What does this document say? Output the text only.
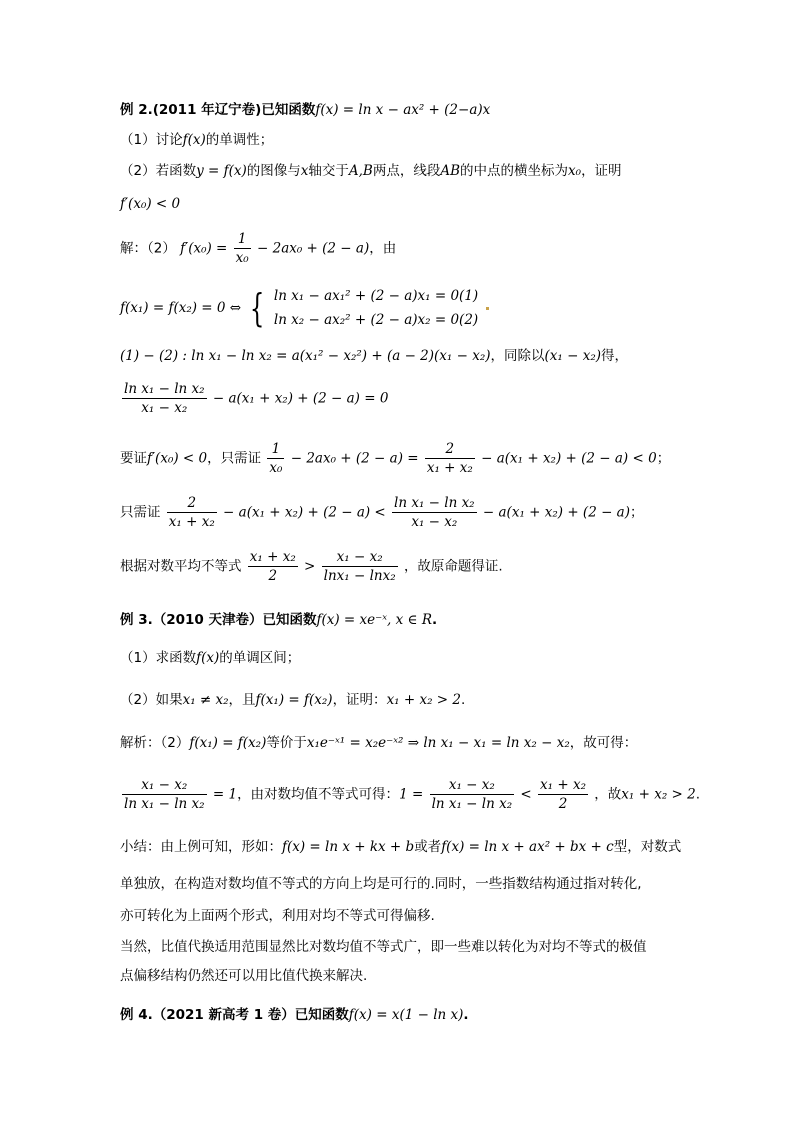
例 2.(2011 年辽宁卷)已知函数f(x) = ln x − ax² + (2−a)x
（1）讨论f(x)的单调性；
（2）若函数y = f(x)的图像与x轴交于A,B两点，线段AB的中点的横坐标为x₀，证明
f′(x₀) < 0
解：（2） $f'(x_0) = \frac{1}{\text{x₀}} - 2ax_0 + (2 - a)$，由
f(x₁) = f(x₂) = 0 ⇔ { ln x₁ − ax₁² + (2 − a)x₁ = 0(1)
ln x₂ − ax₂² + (2 − a)x₂ = 0(2)

(1) − (2) : ln x₁ − ln x₂ = a(x₁² − x₂²) + (a − 2)(x₁ − x₂)，同除以(x₁ − x₂)得，
$\frac{\text{ln x₁ − ln x₂}}{\text{x₁ − x₂}} - a(x_1 + x_2) + (2 - a) = 0$
要证f′(x₀) < 0，只需证 $\frac{1}{\text{x₀}} - 2ax_0 + (2 - a) = \frac{2}{\text{x₁ + x₂}} - a(x_1 + x_2) + (2 - a) < 0$；
只需证 $\frac{2}{\text{x₁ + x₂}} - a(x_1 + x_2) + (2 - a) < \frac{\text{ln x₁ − ln x₂}}{\text{x₁ − x₂}} - a(x_1 + x_2) + (2 - a)$；
根据对数平均不等式 $\frac{\text{x₁ + x₂}}{2} > \frac{\text{x₁ − x₂}}{\text{lnx₁ − lnx₂}}$ ，故原命题得证.
例 3.（2010 天津卷）已知函数f(x) = xe⁻ˣ, x ∈ R.
（1）求函数f(x)的单调区间；
（2）如果x₁ ≠ x₂，且f(x₁) = f(x₂)，证明：x₁ + x₂ > 2.
解析：（2）f(x₁) = f(x₂)等价于x₁e⁻ˣ¹ = x₂e⁻ˣ² ⇒ ln x₁ − x₁ = ln x₂ − x₂，故可得：
$\frac{\text{x₁ − x₂}}{\text{ln x₁ − ln x₂}} = 1$，由对数均值不等式可得：$1 = \frac{\text{x₁ − x₂}}{\text{ln x₁ − ln x₂}} < \frac{\text{x₁ + x₂}}{2}$ ，故x₁ + x₂ > 2.
小结：由上例可知，形如：f(x) = ln x + kx + b或者f(x) = ln x + ax² + bx + c型，对数式
单独放，在构造对数均值不等式的方向上均是可行的.同时，一些指数结构通过指对转化,
亦可转化为上面两个形式，利用对均不等式可得偏移.
当然，比值代换适用范围显然比对数均值不等式广，即一些难以转化为对均不等式的极值
点偏移结构仍然还可以用比值代换来解决.
例 4.（2021 新高考 1 卷）已知函数f(x) = x(1 − ln x).
